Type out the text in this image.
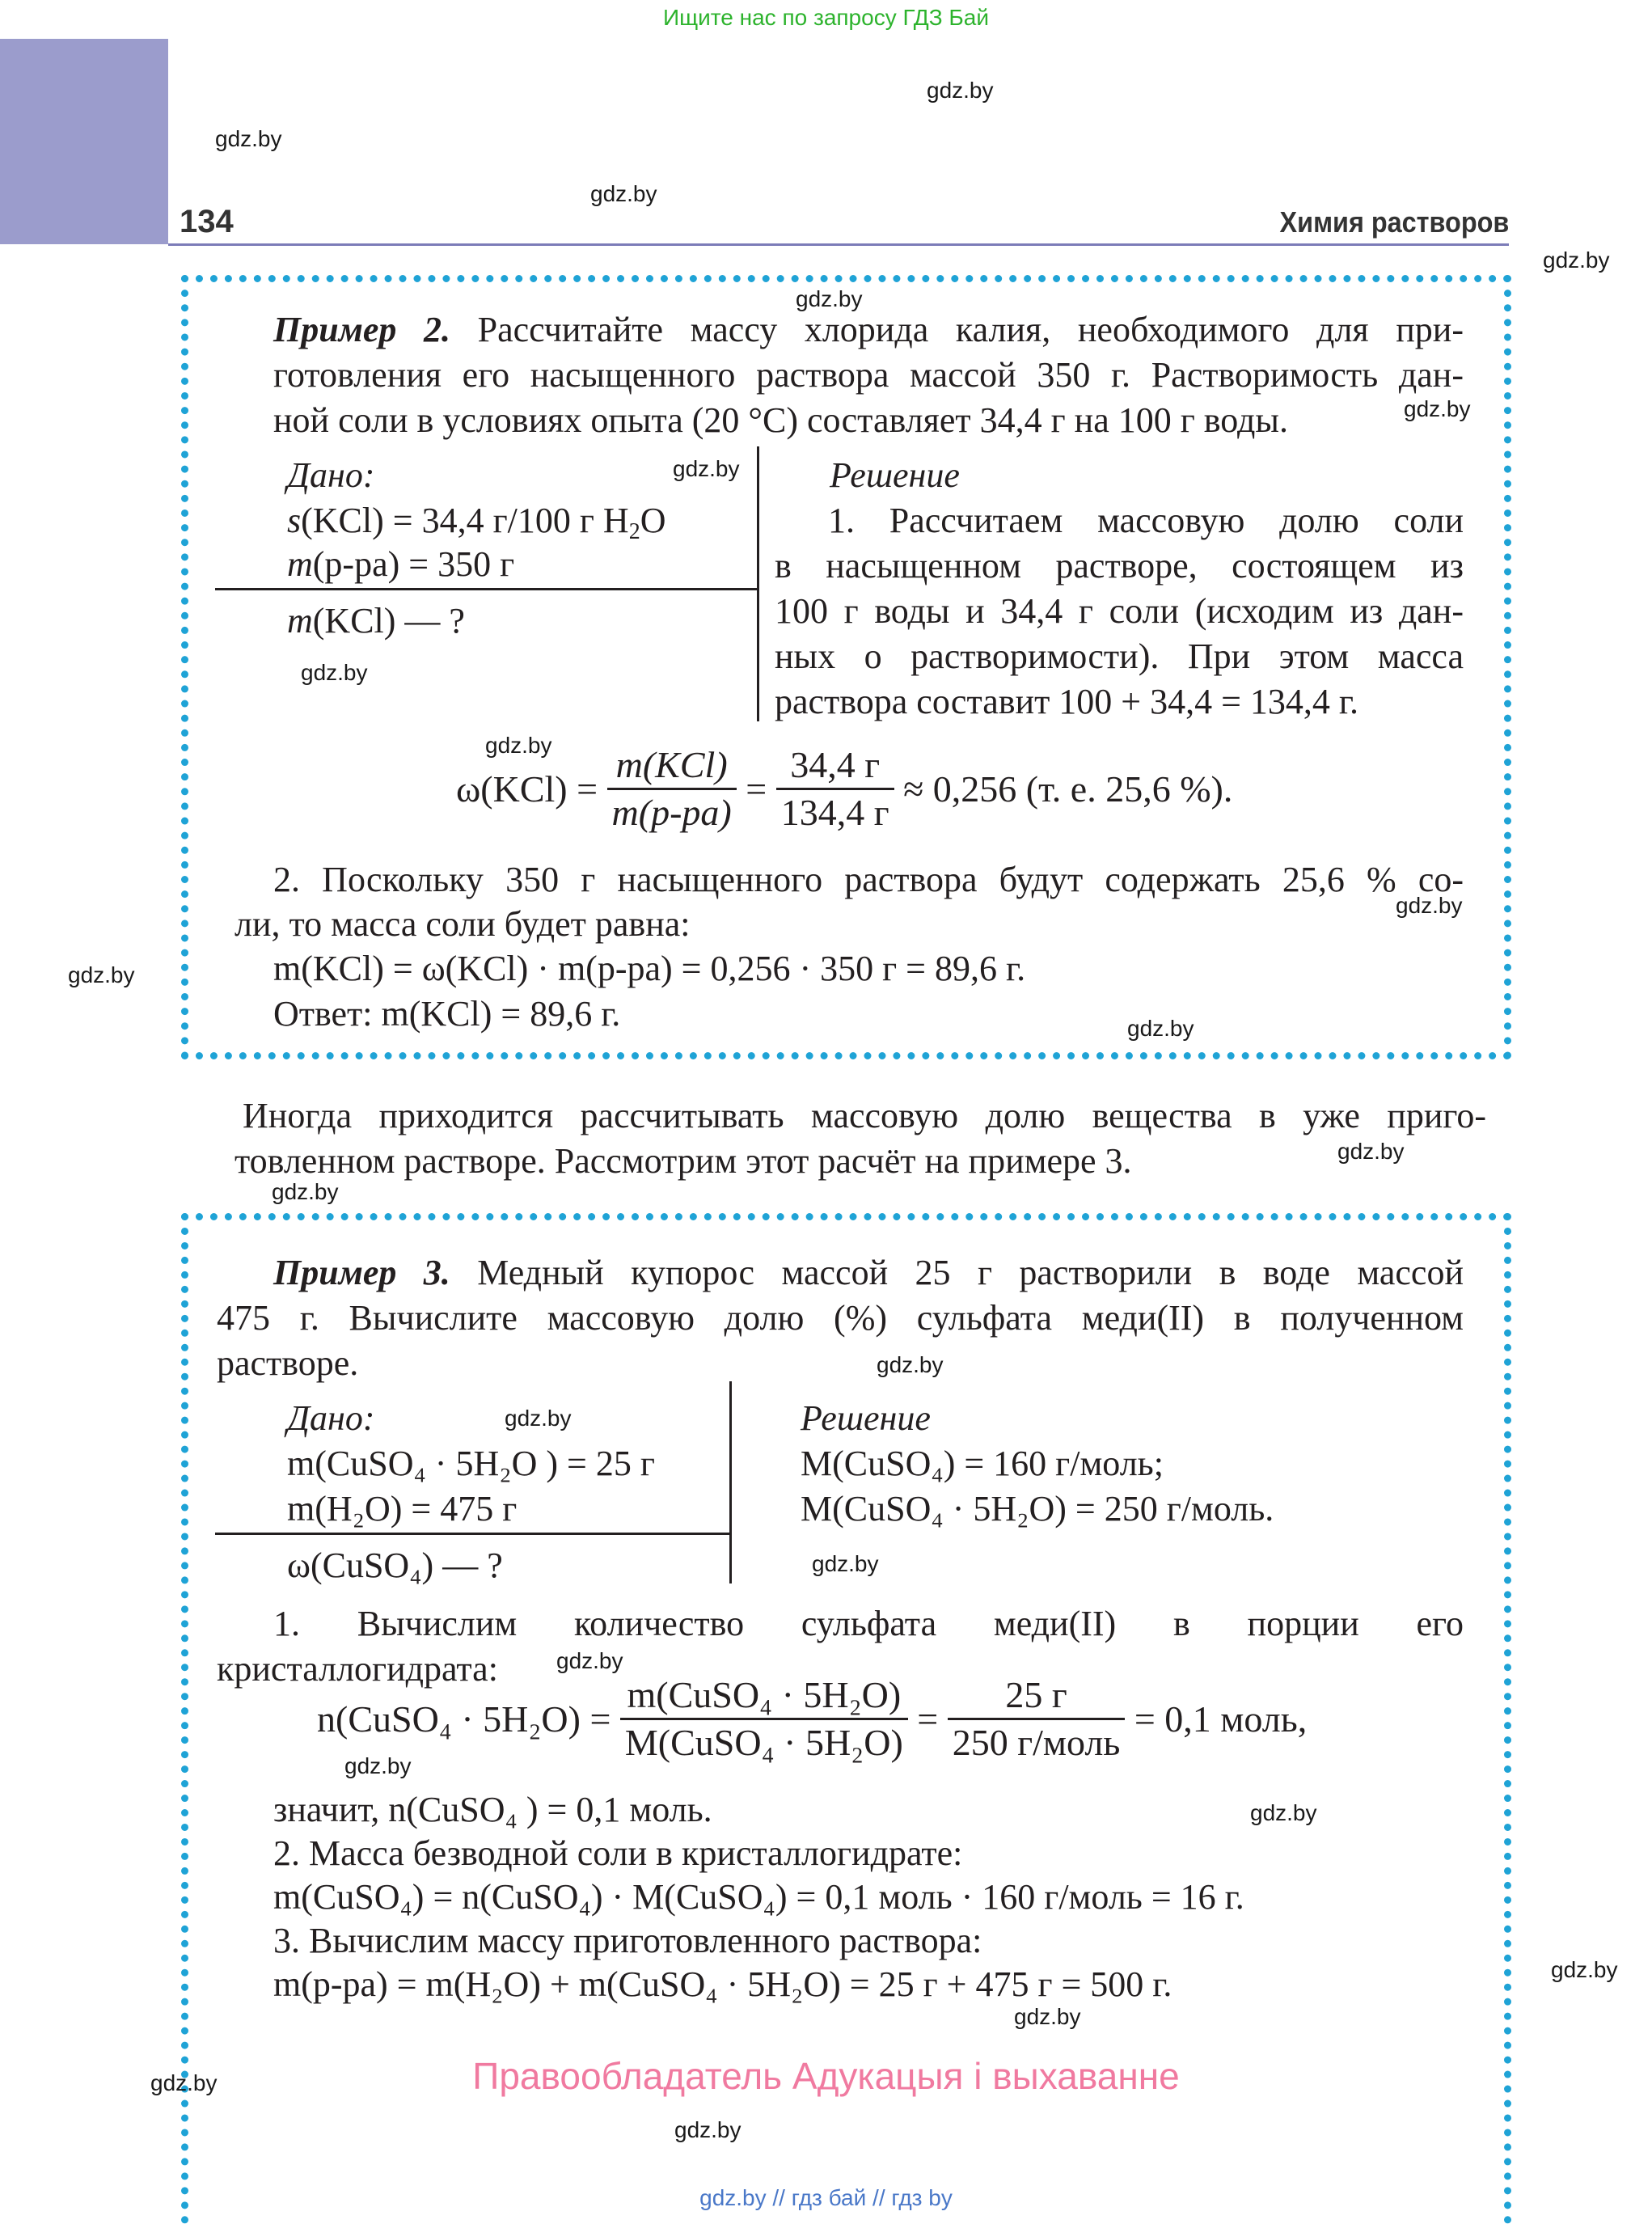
Ищите нас по запросу ГДЗ Бай
134	Химия растворов
Пример 2. Рассчитайте массу хлорида калия, необходимого для при-
готовления его насыщенного раствора массой 350 г. Растворимость дан-
ной соли в условиях опыта (20 °C) составляет 34,4 г на 100 г воды.
Дано:
s(KCl) = 34,4 г/100 г $H_2O$
m(р-ра) = 350 г
m(KCl) — ?
Решение
1. Рассчитаем массовую долю соли
в насыщенном растворе, состоящем из
100 г воды и 34,4 г соли (исходим из дан-
ных о растворимости). При этом масса
раствора составит 100 + 34,4 = 134,4 г.
$\omega(KCl) = \frac{\text{m(KCl)}}{m(р-ра)} = \frac{34,4 г}{134,4 г} \approx 0,256$ (т. е. 25,6 %).
2. Поскольку 350 г насыщенного раствора будут содержать 25,6 % со-
ли, то масса соли будет равна:
m(KCl) = ω(KCl) · m(р-ра) = 0,256 · 350 г = 89,6 г.
Ответ: m(KCl) = 89,6 г.
Иногда приходится рассчитывать массовую долю вещества в уже приго-
товленном растворе. Рассмотрим этот расчёт на примере 3.
Пример 3. Медный купорос массой 25 г растворили в воде массой
475 г. Вычислите массовую долю (%) сульфата меди(II) в полученном
растворе.
Дано:
m(CuSO₄ · 5H₂O ) = 25 г
m(H₂O) = 475 г
ω(CuSO₄) — ?
Решение
M(CuSO₄) = 160 г/моль;
M(CuSO₄ · 5H₂O) = 250 г/моль.
1. Вычислим количество сульфата меди(II) в порции его
кристаллогидрата:
n(CuSO₄ · $5H_2O) = \frac{\text{m(CuSO₄ · 5H₂O)}}{\text{M(CuSO₄ · 5H₂O)}} = \frac{25 г}{\text{250 г/моль}} = 0,1$ моль,
значит, n(CuSO₄ ) = 0,1 моль.
2. Масса безводной соли в кристаллогидрате:
m(CuSO₄) = n(CuSO₄) · M(CuSO₄) = 0,1 моль · 160 г/моль = 16 г.
3. Вычислим массу приготовленного раствора:
m(р-ра) = m(H₂O) + m(CuSO₄ · 5H₂O) = 25 г + 475 г = 500 г.
Правообладатель Адукацыя і выхаванне
gdz.by // гдз бай // гдз by
gdz.by
gdz.by
gdz.by
gdz.by
gdz.by
gdz.by
gdz.by
gdz.by
gdz.by
gdz.by
gdz.by
gdz.by
gdz.by
gdz.by
gdz.by
gdz.by
gdz.by
gdz.by
gdz.by
gdz.by
gdz.by
gdz.by
gdz.by
gdz.by
